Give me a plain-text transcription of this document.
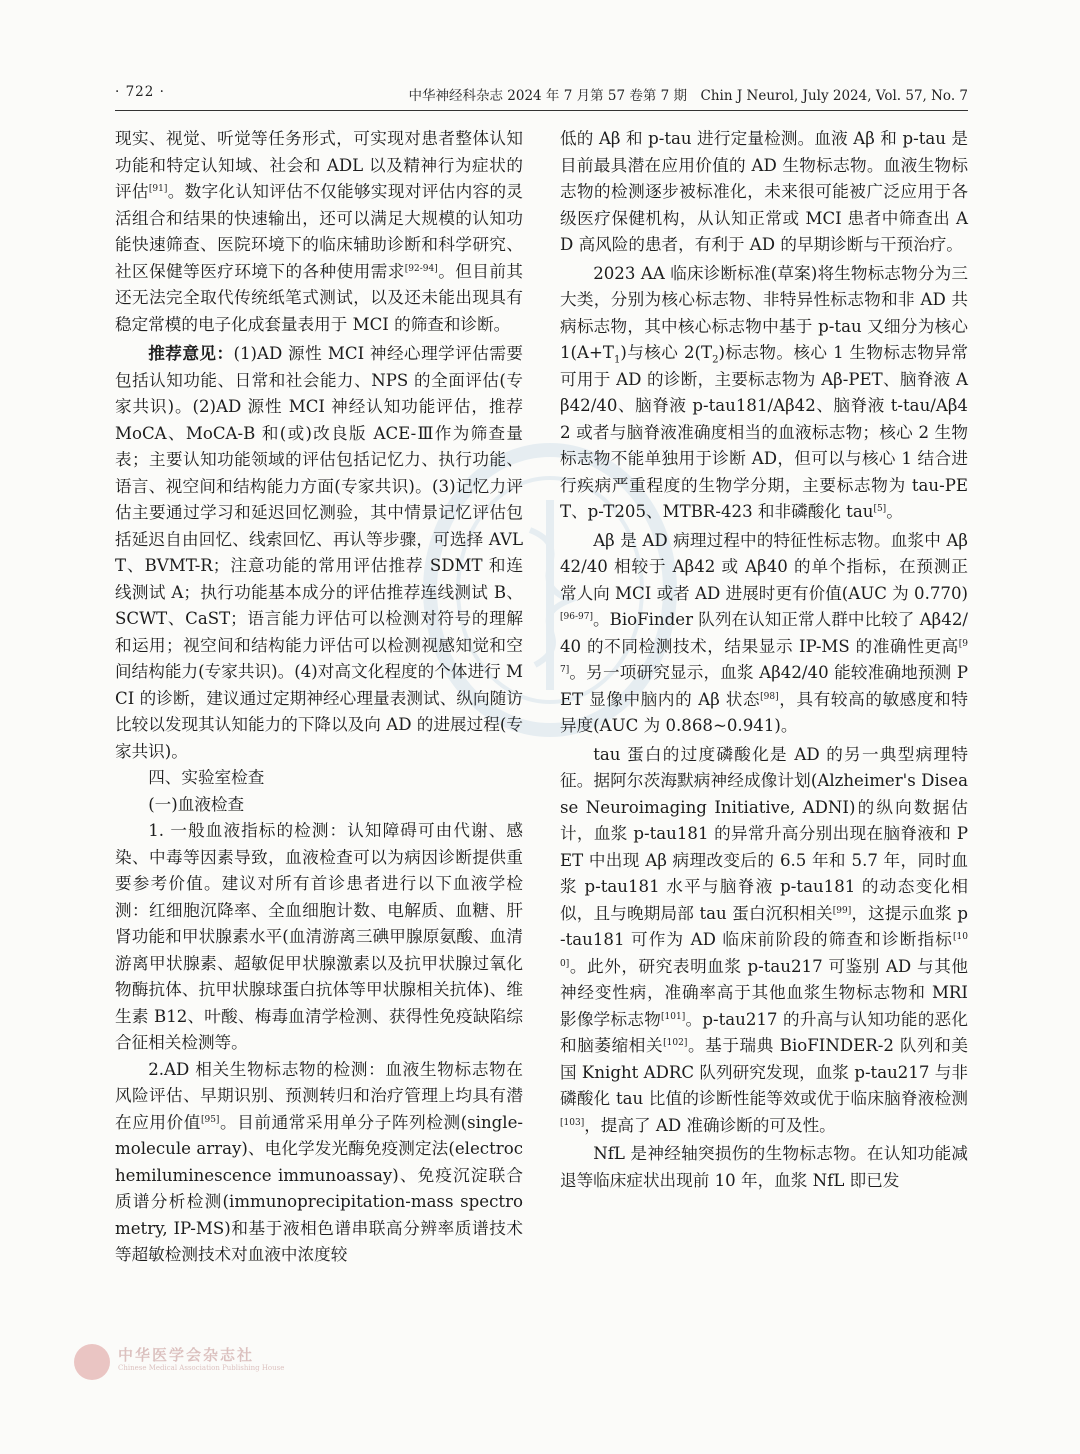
· 722 ·	中华神经科杂志 2024 年 7 月第 57 卷第 7 期　Chin J Neurol, July 2024, Vol. 57, No. 7

现实、视觉、听觉等任务形式，可实现对患者整体认知功能和特定认知域、社会和 ADL 以及精神行为症状的评估[91]。数字化认知评估不仅能够实现对评估内容的灵活组合和结果的快速输出，还可以满足大规模的认知功能快速筛查、医院环境下的临床辅助诊断和科学研究、社区保健等医疗环境下的各种使用需求[92-94]。但目前其还无法完全取代传统纸笔式测试，以及还未能出现具有稳定常模的电子化成套量表用于 MCI 的筛查和诊断。

推荐意见：(1)AD 源性 MCI 神经心理学评估需要包括认知功能、日常和社会能力、NPS 的全面评估(专家共识)。(2)AD 源性 MCI 神经认知功能评估，推荐 MoCA、MoCA-B 和(或)改良版 ACE-Ⅲ作为筛查量表；主要认知功能领域的评估包括记忆力、执行功能、语言、视空间和结构能力方面(专家共识)。(3)记忆力评估主要通过学习和延迟回忆测验，其中情景记忆评估包括延迟自由回忆、线索回忆、再认等步骤，可选择 AVLT、BVMT-R；注意功能的常用评估推荐 SDMT 和连线测试 A；执行功能基本成分的评估推荐连线测试 B、SCWT、CaST；语言能力评估可以检测对符号的理解和运用；视空间和结构能力评估可以检测视感知觉和空间结构能力(专家共识)。(4)对高文化程度的个体进行 MCI 的诊断，建议通过定期神经心理量表测试、纵向随访比较以发现其认知能力的下降以及向 AD 的进展过程(专家共识)。

四、实验室检查

(一)血液检查

1. 一般血液指标的检测：认知障碍可由代谢、感染、中毒等因素导致，血液检查可以为病因诊断提供重要参考价值。建议对所有首诊患者进行以下血液学检测：红细胞沉降率、全血细胞计数、电解质、血糖、肝肾功能和甲状腺素水平(血清游离三碘甲腺原氨酸、血清游离甲状腺素、超敏促甲状腺激素以及抗甲状腺过氧化物酶抗体、抗甲状腺球蛋白抗体等甲状腺相关抗体)、维生素 B12、叶酸、梅毒血清学检测、获得性免疫缺陷综合征相关检测等。

2.AD 相关生物标志物的检测：血液生物标志物在风险评估、早期识别、预测转归和治疗管理上均具有潜在应用价值[95]。目前通常采用单分子阵列检测(single-molecule array)、电化学发光酶免疫测定法(electrochemiluminescence immunoassay)、免疫沉淀联合质谱分析检测(immunoprecipitation-mass spectrometry, IP-MS)和基于液相色谱串联高分辨率质谱技术等超敏检测技术对血液中浓度较

低的 Aβ 和 p-tau 进行定量检测。血液 Aβ 和 p-tau 是目前最具潜在应用价值的 AD 生物标志物。血液生物标志物的检测逐步被标准化，未来很可能被广泛应用于各级医疗保健机构，从认知正常或 MCI 患者中筛查出 AD 高风险的患者，有利于 AD 的早期诊断与干预治疗。

2023 AA 临床诊断标准(草案)将生物标志物分为三大类，分别为核心标志物、非特异性标志物和非 AD 共病标志物，其中核心标志物中基于 p-tau 又细分为核心 $1(A+T_1)$与核心 $2(T_2)$标志物。核心 1 生物标志物异常可用于 AD 的诊断，主要标志物为 Aβ-PET、脑脊液 Aβ42/40、脑脊液 p-tau181/Aβ42、脑脊液 t-tau/Aβ42 或者与脑脊液准确度相当的血液标志物；核心 2 生物标志物不能单独用于诊断 AD，但可以与核心 1 结合进行疾病严重程度的生物学分期，主要标志物为 tau-PET、p-T205、MTBR-423 和非磷酸化 tau[5]。

Aβ 是 AD 病理过程中的特征性标志物。血浆中 Aβ42/40 相较于 Aβ42 或 Aβ40 的单个指标，在预测正常人向 MCI 或者 AD 进展时更有价值(AUC 为 0.770)[96-97]。BioFinder 队列在认知正常人群中比较了 Aβ42/40 的不同检测技术，结果显示 IP-MS 的准确性更高[97]。另一项研究显示，血浆 Aβ42/40 能较准确地预测 PET 显像中脑内的 Aβ 状态[98]，具有较高的敏感度和特异度(AUC 为 0.868~0.941)。

tau 蛋白的过度磷酸化是 AD 的另一典型病理特征。据阿尔茨海默病神经成像计划(Alzheimer's Disease Neuroimaging Initiative, ADNI)的纵向数据估计，血浆 p-tau181 的异常升高分别出现在脑脊液和 PET 中出现 Aβ 病理改变后的 6.5 年和 5.7 年，同时血浆 p-tau181 水平与脑脊液 p-tau181 的动态变化相似，且与晚期局部 tau 蛋白沉积相关[99]，这提示血浆 p-tau181 可作为 AD 临床前阶段的筛查和诊断指标[100]。此外，研究表明血浆 p-tau217 可鉴别 AD 与其他神经变性病，准确率高于其他血浆生物标志物和 MRI 影像学标志物[101]。p-tau217 的升高与认知功能的恶化和脑萎缩相关[102]。基于瑞典 BioFINDER-2 队列和美国 Knight ADRC 队列研究发现，血浆 p-tau217 与非磷酸化 tau 比值的诊断性能等效或优于临床脑脊液检测[103]，提高了 AD 准确诊断的可及性。

NfL 是神经轴突损伤的生物标志物。在认知功能减退等临床症状出现前 10 年，血浆 NfL 即已发

中华医学会杂志社
Chinese Medical Association Publishing House
